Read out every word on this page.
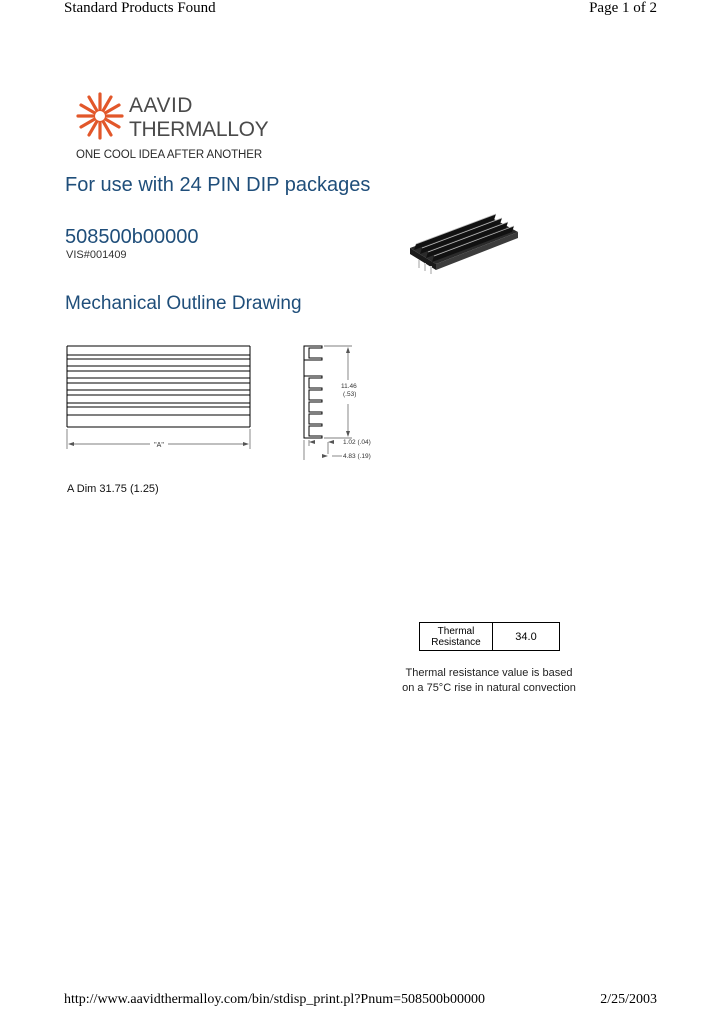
Standard Products Found	Page 1 of 2
AAVID
THERMALLOY
ONE COOL IDEA AFTER ANOTHER
For use with 24 PIN DIP packages
508500b00000
VIS#001409
Mechanical Outline Drawing
"A"
11.46
(.53)
1.02 (.04)
4.83 (.19)
A Dim 31.75 (1.25)
Thermal
Resistance	34.0
Thermal resistance value is based
on a 75°C rise in natural convection
http://www.aavidthermalloy.com/bin/stdisp_print.pl?Pnum=508500b00000	2/25/2003
